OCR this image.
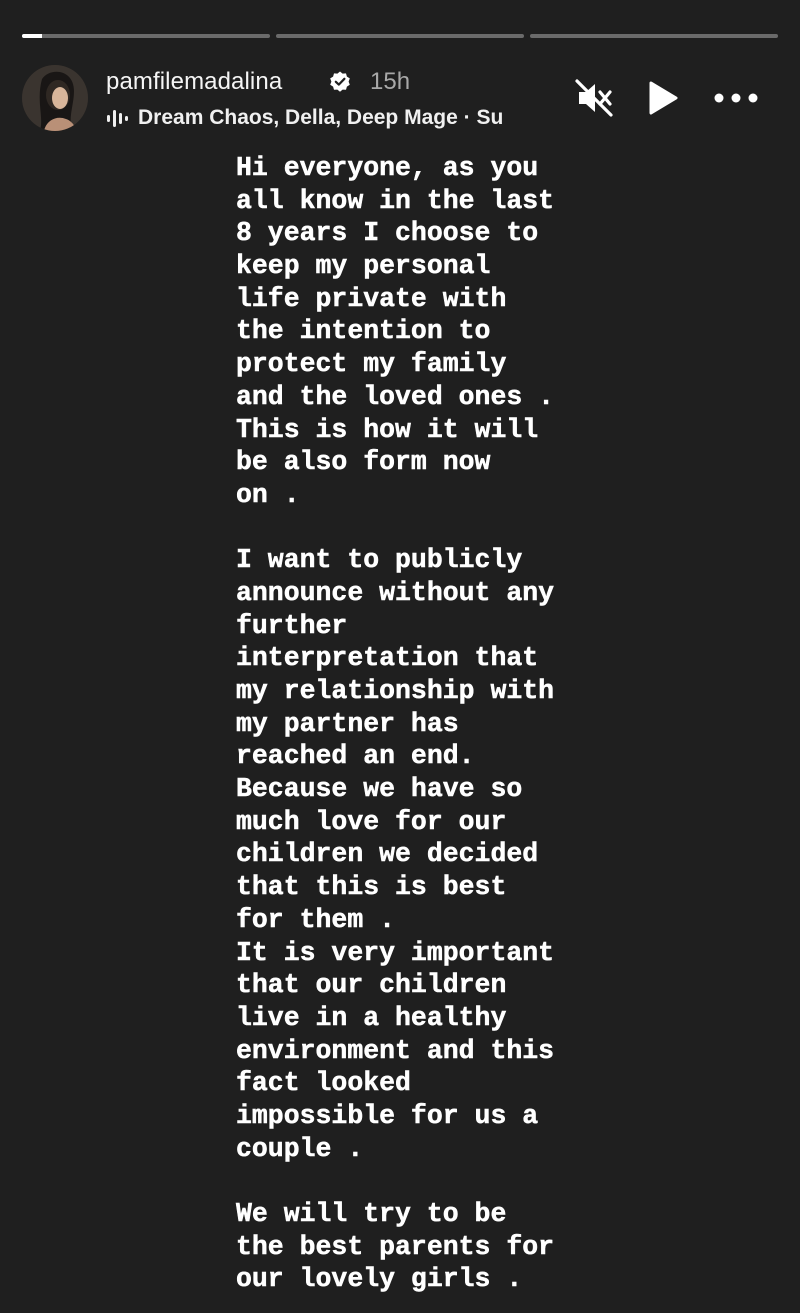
pamfilemadalina	15h
Dream Chaos, Della, Deep Mage · Su
Hi everyone, as you
all know in the last
8 years I choose to
keep my personal
life private with
the intention to
protect my family
and the loved ones .
This is how it will
be also form now
on .
I want to publicly
announce without any
further
interpretation that
my relationship with
my partner has
reached an end.
Because we have so
much love for our
children we decided
that this is best
for them .
It is very important
that our children
live in a healthy
environment and this
fact looked
impossible for us a
couple .
We will try to be
the best parents for
our lovely girls .
